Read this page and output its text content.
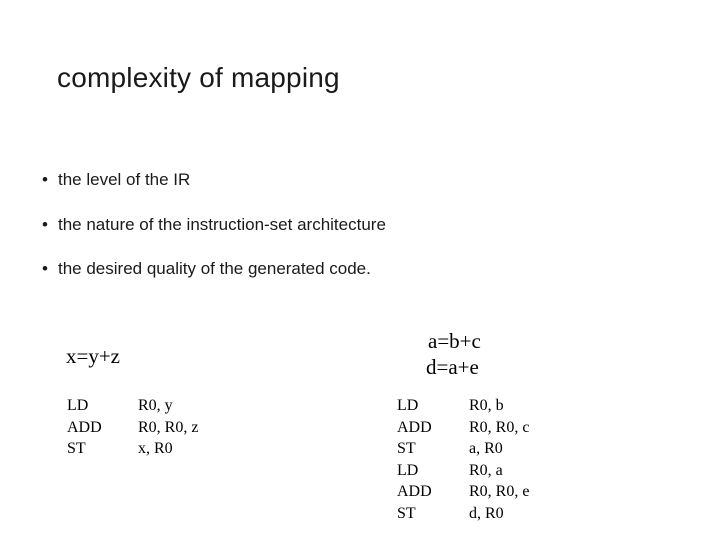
complexity of mapping
• the level of the IR
• the nature of the instruction-set architecture
• the desired quality of the generated code.
x=y+z
LD
ADD
ST
R0, y
R0, R0, z
x, R0
a=b+c
d=a+e
LD
ADD
ST
LD
ADD
ST
R0, b
R0, R0, c
a, R0
R0, a
R0, R0, e
d, R0
